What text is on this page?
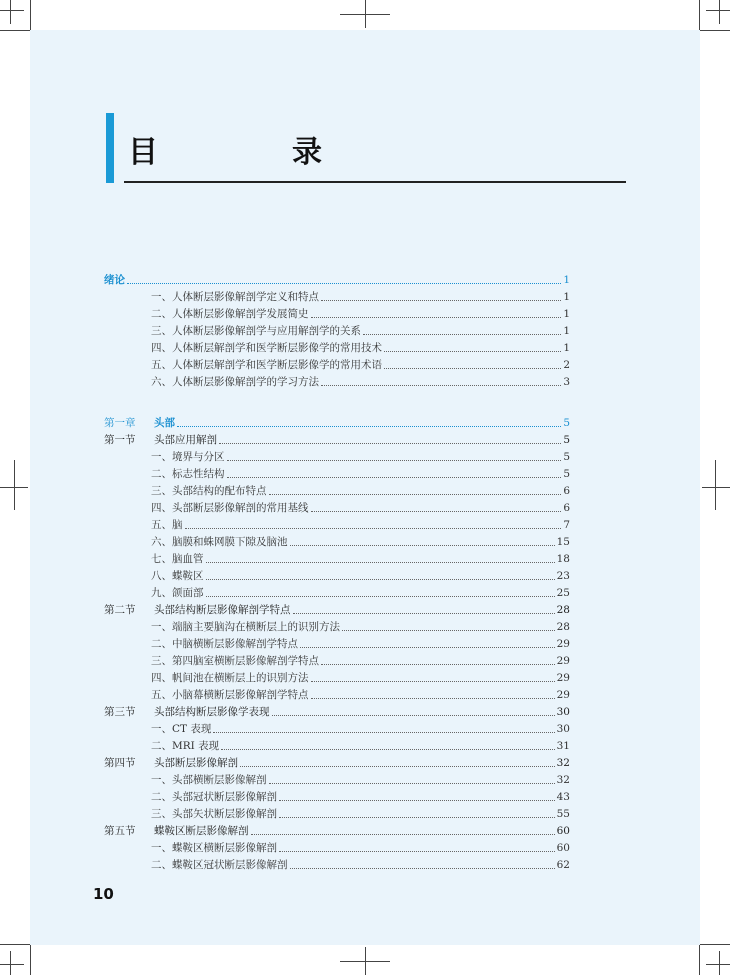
目　录
绪论	1
一、人体断层影像解剖学定义和特点	1
二、人体断层影像解剖学发展简史	1
三、人体断层影像解剖学与应用解剖学的关系	1
四、人体断层解剖学和医学断层影像学的常用技术	1
五、人体断层解剖学和医学断层影像学的常用术语	2
六、人体断层影像解剖学的学习方法	3
第一章	头部	5
第一节	头部应用解剖	5
一、境界与分区	5
二、标志性结构	5
三、头部结构的配布特点	6
四、头部断层影像解剖的常用基线	6
五、脑	7
六、脑膜和蛛网膜下隙及脑池	15
七、脑血管	18
八、蝶鞍区	23
九、颌面部	25
第二节	头部结构断层影像解剖学特点	28
一、端脑主要脑沟在横断层上的识别方法	28
二、中脑横断层影像解剖学特点	29
三、第四脑室横断层影像解剖学特点	29
四、帆间池在横断层上的识别方法	29
五、小脑幕横断层影像解剖学特点	29
第三节	头部结构断层影像学表现	30
一、CT 表现	30
二、MRI 表现	31
第四节	头部断层影像解剖	32
一、头部横断层影像解剖	32
二、头部冠状断层影像解剖	43
三、头部矢状断层影像解剖	55
第五节	蝶鞍区断层影像解剖	60
一、蝶鞍区横断层影像解剖	60
二、蝶鞍区冠状断层影像解剖	62
10
